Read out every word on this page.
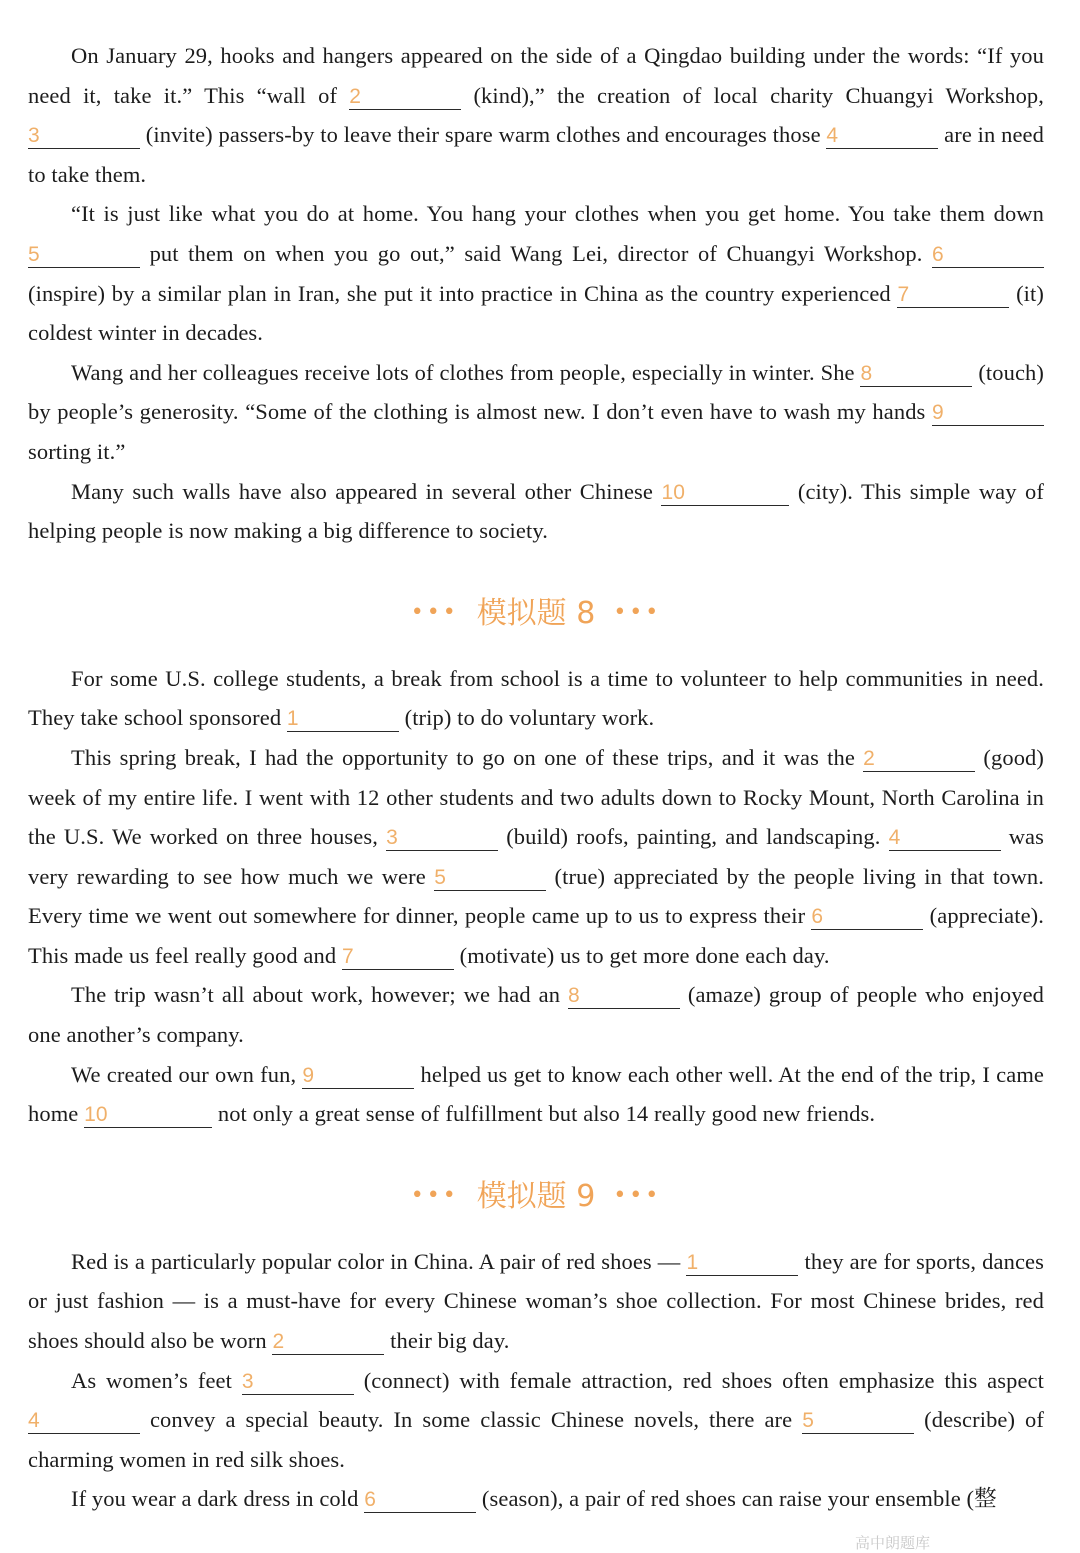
On January 29, hooks and hangers appeared on the side of a Qingdao building under the words: “If you need it, take it.” This “wall of 2	(kind),” the creation of local charity Chuangyi Workshop, 3	(invite) passers-by to leave their spare warm clothes and encourages those 4	are in need to take them.

“It is just like what you do at home. You hang your clothes when you get home. You take them down 5	put them on when you go out,” said Wang Lei, director of Chuangyi Workshop. 6 (inspire) by a similar plan in Iran, she put it into practice in China as the country experienced 7	(it) coldest winter in decades.

Wang and her colleagues receive lots of clothes from people, especially in winter. She 8	(touch) by people’s generosity. “Some of the clothing is almost new. I don’t even have to wash my hands 9 sorting it.”

Many such walls have also appeared in several other Chinese 10	(city). This simple way of helping people is now making a big difference to society.

••• 模拟题 8 •••

For some U.S. college students, a break from school is a time to volunteer to help communities in need. They take school sponsored 1	(trip) to do voluntary work.

This spring break, I had the opportunity to go on one of these trips, and it was the 2	(good) week of my entire life. I went with 12 other students and two adults down to Rocky Mount, North Carolina in the U.S. We worked on three houses, 3	(build) roofs, painting, and landscaping. 4	was very rewarding to see how much we were 5	(true) appreciated by the people living in that town. Every time we went out somewhere for dinner, people came up to us to express their 6	(appreciate). This made us feel really good and 7	(motivate) us to get more done each day.

The trip wasn’t all about work, however; we had an 8	(amaze) group of people who enjoyed one another’s company.

We created our own fun, 9	helped us get to know each other well. At the end of the trip, I came home 10	not only a great sense of fulfillment but also 14 really good new friends.

••• 模拟题 9 •••

Red is a particularly popular color in China. A pair of red shoes — 1	they are for sports, dances or just fashion — is a must-have for every Chinese woman’s shoe collection. For most Chinese brides, red shoes should also be worn 2	their big day.

As women’s feet 3	(connect) with female attraction, red shoes often emphasize this aspect 4	convey a special beauty. In some classic Chinese novels, there are 5	(describe) of charming women in red silk shoes.

If you wear a dark dress in cold 6	(season), a pair of red shoes can raise your ensemble (整

高中朗题库
